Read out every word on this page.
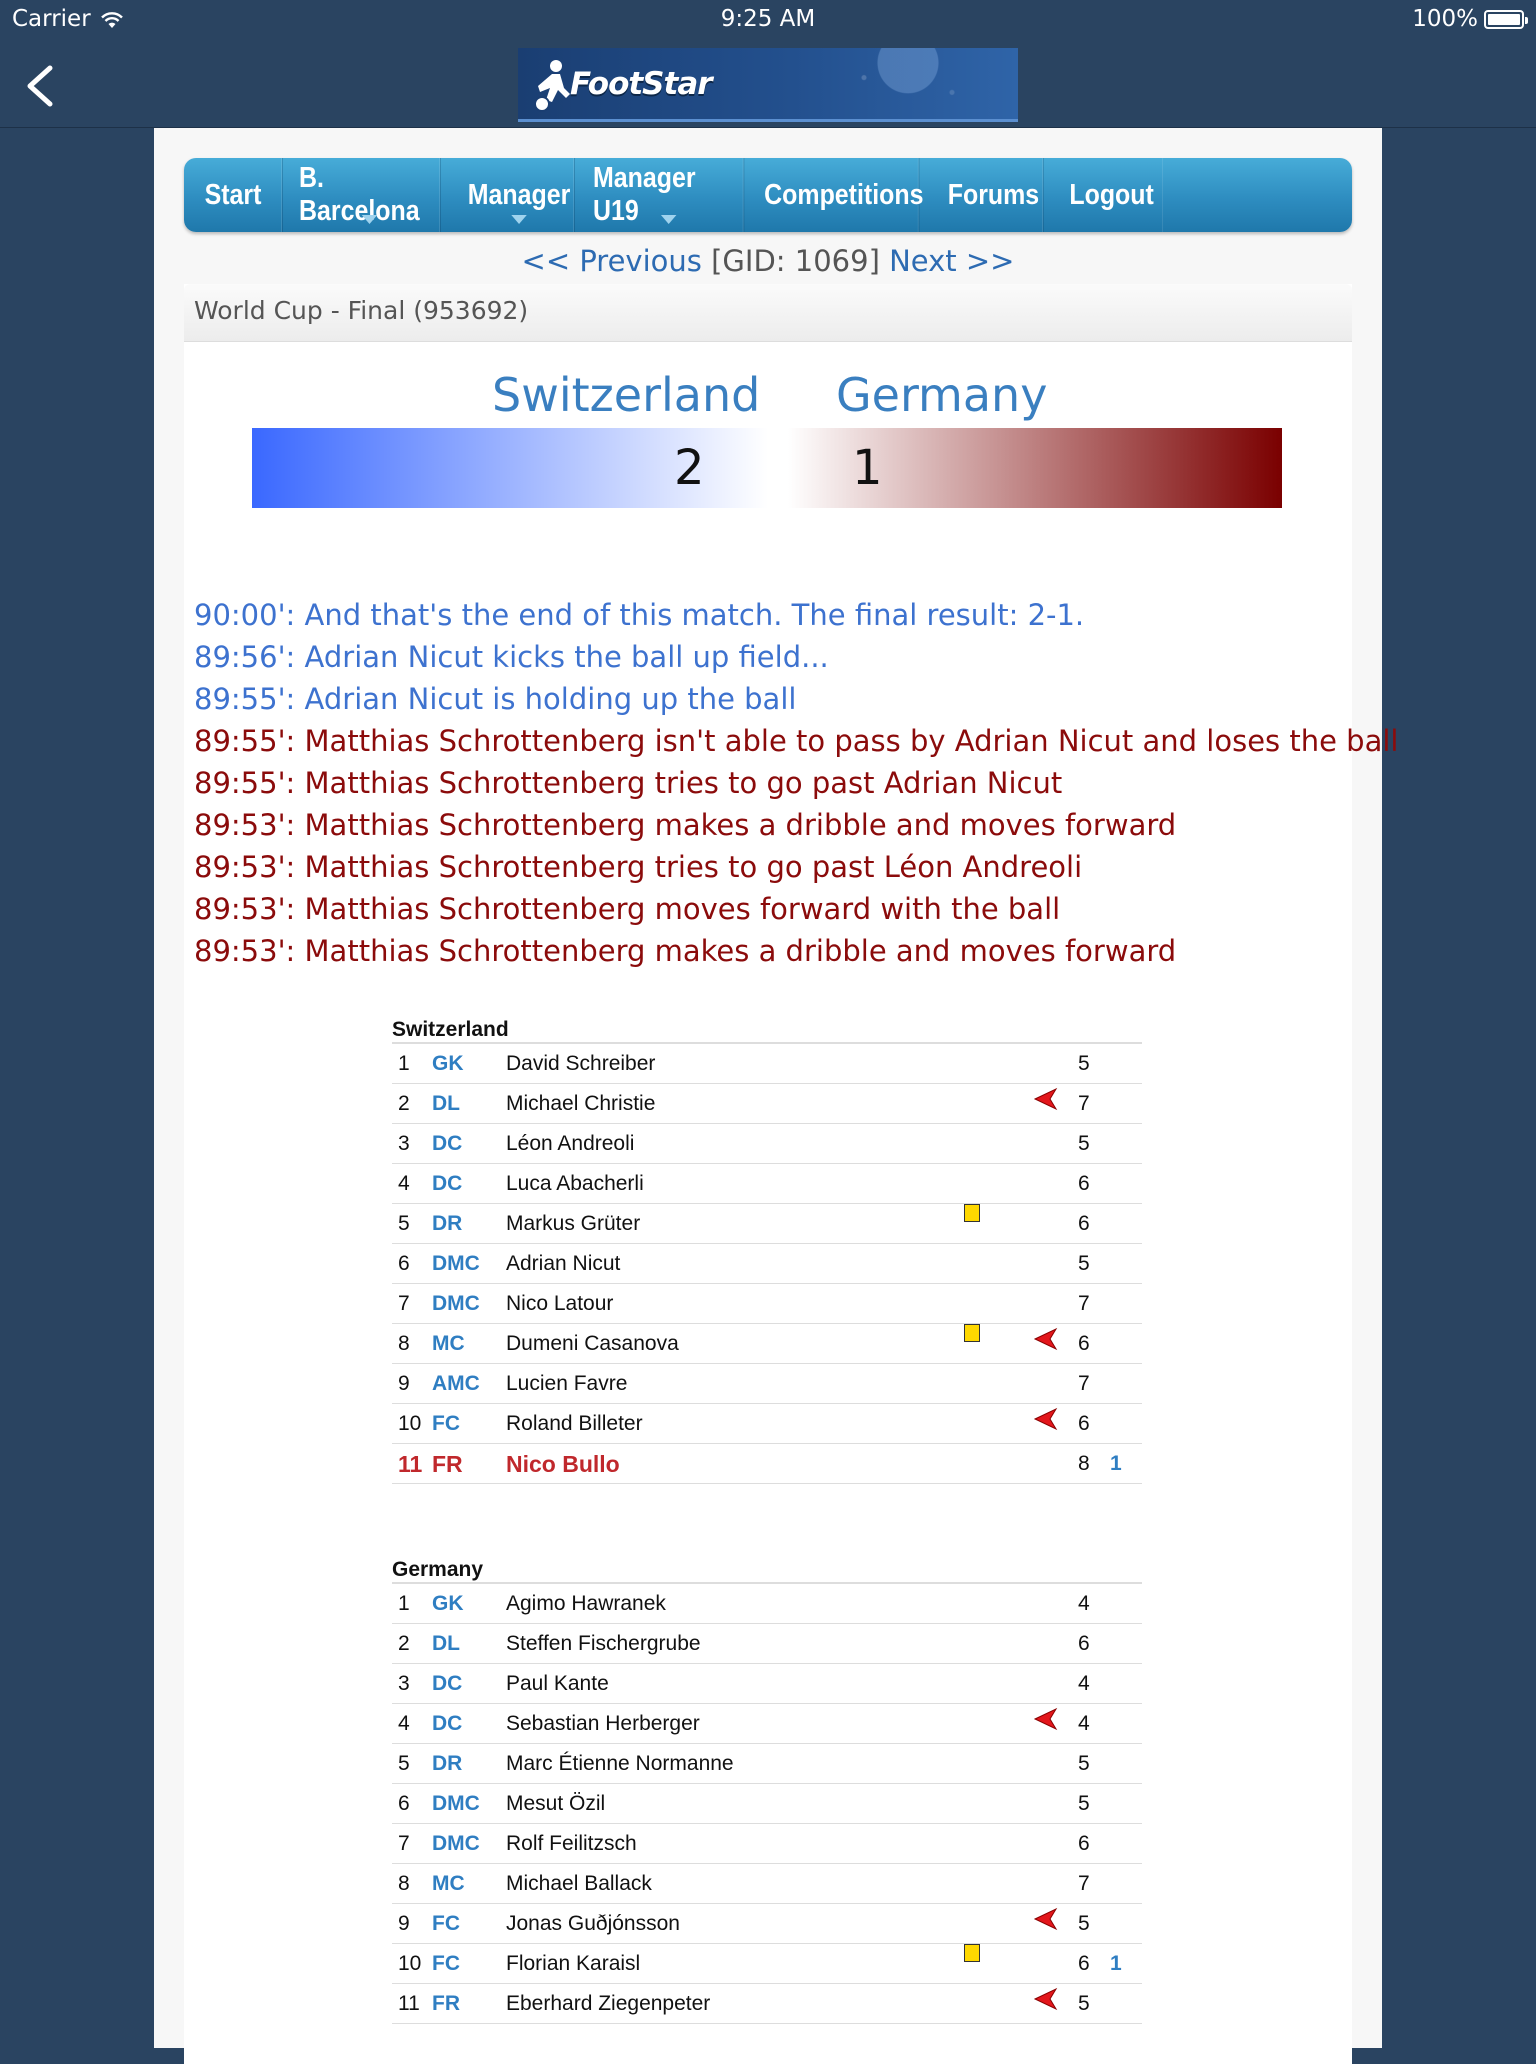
Carrier	9:25 AM	100%
FootStar
Start
B. Barcelona
Manager
Manager U19
Competitions Forums Logout
<< Previous [GID: 1069] Next >>
World Cup - Final (953692)
Switzerland Germany
2	1
90:00': And that's the end of this match. The final result: 2-1.
89:56': Adrian Nicut kicks the ball up field...
89:55': Adrian Nicut is holding up the ball
89:55': Matthias Schrottenberg isn't able to pass by Adrian Nicut and loses the ball
89:55': Matthias Schrottenberg tries to go past Adrian Nicut
89:53': Matthias Schrottenberg makes a dribble and moves forward
89:53': Matthias Schrottenberg tries to go past Léon Andreoli
89:53': Matthias Schrottenberg moves forward with the ball
89:53': Matthias Schrottenberg makes a dribble and moves forward
Switzerland
1 GK David Schreiber	5
2 DL Michael Christie	7
3 DC Léon Andreoli	5
4 DC Luca Abacherli	6
5 DR Markus Grüter	6
6 DMC Adrian Nicut	5
7 DMC Nico Latour	7
8 MC Dumeni Casanova	6
9 AMC Lucien Favre	7
10 FC Roland Billeter	6
11 FR Nico Bullo	8 1
Germany
1 GK Agimo Hawranek	4
2 DL Steffen Fischergrube	6
3 DC Paul Kante	4
4 DC Sebastian Herberger	4
5 DR Marc Étienne Normanne	5
6 DMC Mesut Özil	5
7 DMC Rolf Feilitzsch	6
8 MC Michael Ballack	7
9 FC Jonas Guðjónsson	5
10 FC Florian Karaisl	6 1
11 FR Eberhard Ziegenpeter	5
